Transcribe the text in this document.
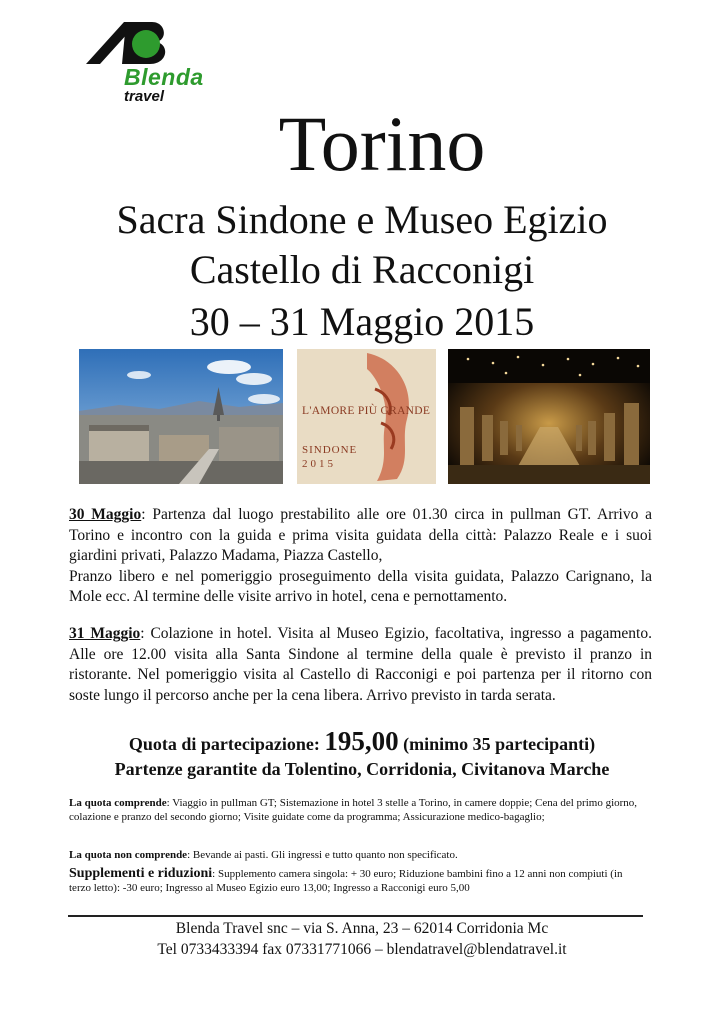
Blenda
travel
Torino
Sacra Sindone e Museo Egizio
Castello di Racconigi
30 – 31 Maggio 2015
L'AMORE PIÙ GRANDE
SINDONE
2015
30 Maggio: Partenza dal luogo prestabilito alle ore 01.30 circa in pullman GT. Arrivo a Torino e incontro con la guida e prima visita guidata della città: Palazzo Reale e i suoi giardini privati, Palazzo Madama, Piazza Castello,
Pranzo libero e nel pomeriggio proseguimento della visita guidata, Palazzo Carignano, la Mole ecc. Al termine delle visite arrivo in hotel, cena e pernottamento.
31 Maggio: Colazione in hotel. Visita al Museo Egizio, facoltativa, ingresso a pagamento. Alle ore 12.00 visita alla Santa Sindone al termine della quale è previsto il pranzo in ristorante. Nel pomeriggio visita al Castello di Racconigi e poi partenza per il ritorno con soste lungo il percorso anche per la cena libera. Arrivo previsto in tarda serata.
Quota di partecipazione: 195,00 (minimo 35 partecipanti)
Partenze garantite da Tolentino, Corridonia, Civitanova Marche
La quota comprende: Viaggio in pullman GT; Sistemazione in hotel 3 stelle a Torino, in camere doppie; Cena del primo giorno, colazione e pranzo del secondo giorno; Visite guidate come da programma; Assicurazione medico-bagaglio;
La quota non comprende: Bevande ai pasti. Gli ingressi e tutto quanto non specificato.
Supplementi e riduzioni: Supplemento camera singola: + 30 euro; Riduzione bambini fino a 12 anni non compiuti (in terzo letto): -30 euro; Ingresso al Museo Egizio euro 13,00; Ingresso a Racconigi euro 5,00
Blenda Travel snc – via S. Anna, 23 – 62014 Corridonia Mc
Tel 0733433394 fax 07331771066 – blendatravel@blendatravel.it
